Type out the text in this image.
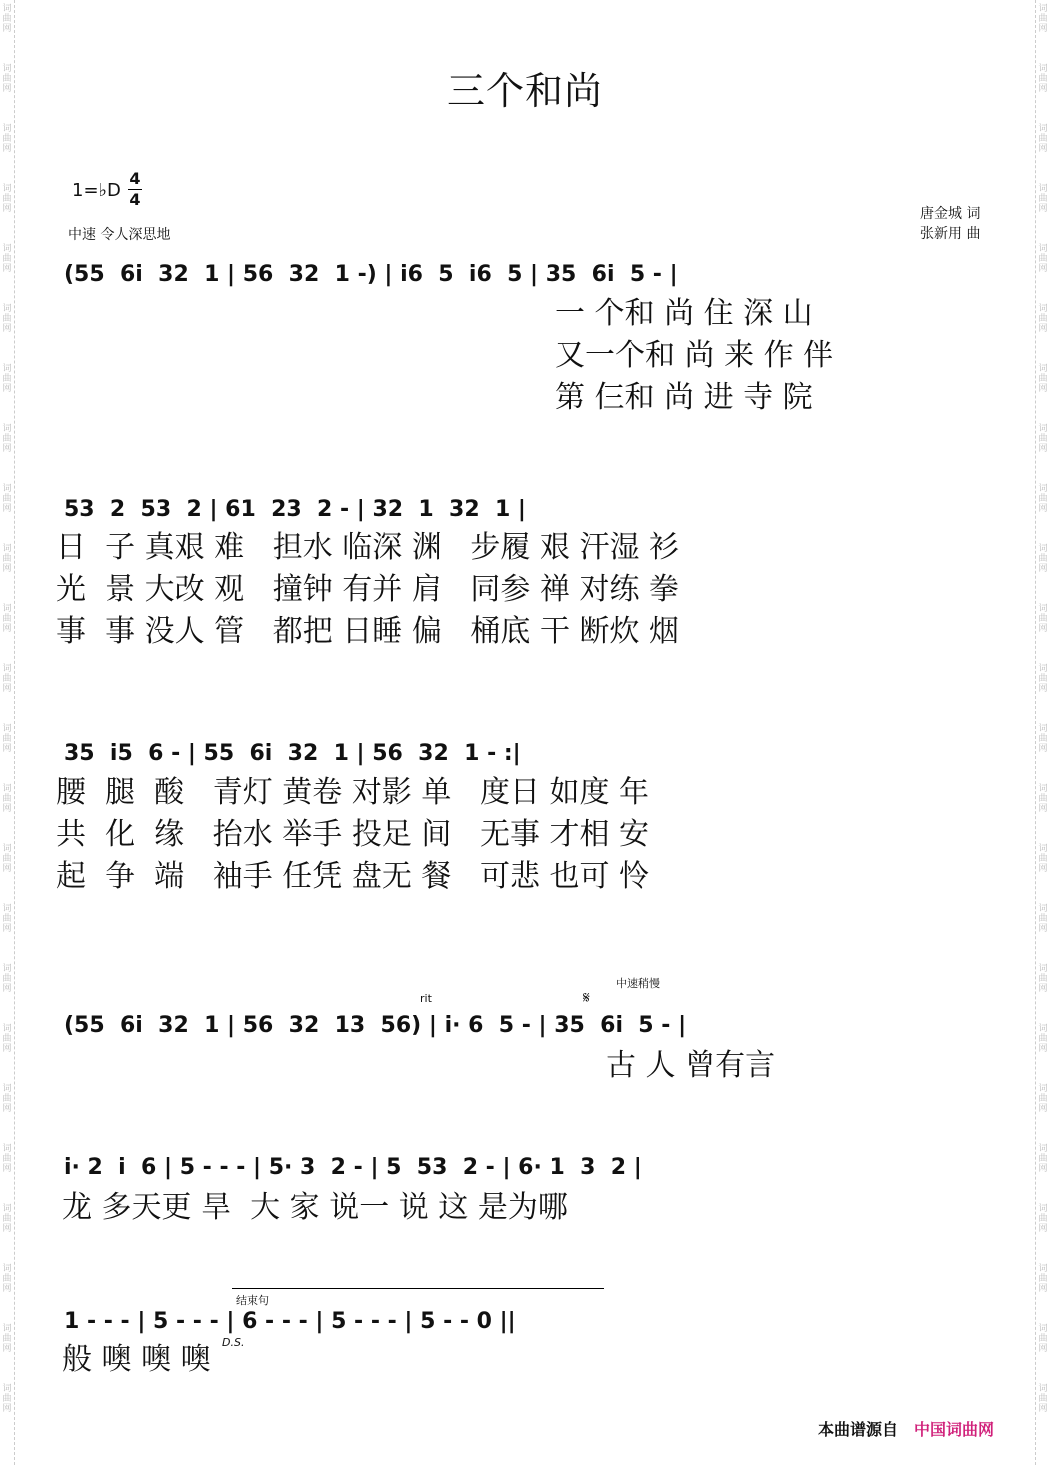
词
曲
网
词
曲
网
词
曲
网
词
曲
网
词
曲
网
词
曲
网
词
曲
网
词
曲
网
词
曲
网
词
曲
网
词
曲
网
词
曲
网
词
曲
网
词
曲
网
词
曲
网
词
曲
网
词
曲
网
词
曲
网
词
曲
网
词
曲
网
词
曲
网
词
曲
网
词
曲
网
词
曲
网
词
曲
网
词
曲
网
词
曲
网
词
曲
网
词
曲
网
词
曲
网
词
曲
网
词
曲
网
词
曲
网
词
曲
网
词
曲
网
词
曲
网
词
曲
网
词
曲
网
词
曲
网
词
曲
网
词
曲
网
词
曲
网
词
曲
网
词
曲
网
词
曲
网
词
曲
网
词
曲
网
词
曲
网
三个和尚
1=♭D
4
4
中速 令人深思地
唐金城 词
张新用 曲
(55  6i  32  1 | 56  32  1 -) | i6  5  i6  5 | 35  6i  5 - |
一 个和 尚 住 深 山
又一个和 尚 来 作 伴
第 仨和 尚 进 寺 院
53  2  53  2 | 61  23  2 - | 32  1  32  1 |
日  子 真艰 难   担水 临深 渊   步履 艰 汗湿 衫
光  景 大改 观   撞钟 有并 肩   同参 禅 对练 拳
事  事 没人 管   都把 日睡 偏   桶底 干 断炊 烟
35  i5  6 - | 55  6i  32  1 | 56  32  1 - :|
腰  腿  酸   青灯 黄卷 对影 单   度日 如度 年
共  化  缘   抬水 举手 投足 间   无事 才相 安
起  争  端   袖手 任凭 盘无 餐   可悲 也可 怜
中速稍慢
rit	𝄋
(55  6i  32  1 | 56  32  13  56) | i· 6  5 - | 35  6i  5 - |
古 人 曾有言
i· 2  i  6 | 5 - - - | 5· 3  2 - | 5  53  2 - | 6· 1  3  2 |
龙 多天更 旱  大 家 说一 说 这 是为哪
结束句
D.S.
1 - - - | 5 - - - | 6 - - - | 5 - - - | 5 - - 0 ||
般 噢 噢 噢
本曲谱源自 中国词曲网
